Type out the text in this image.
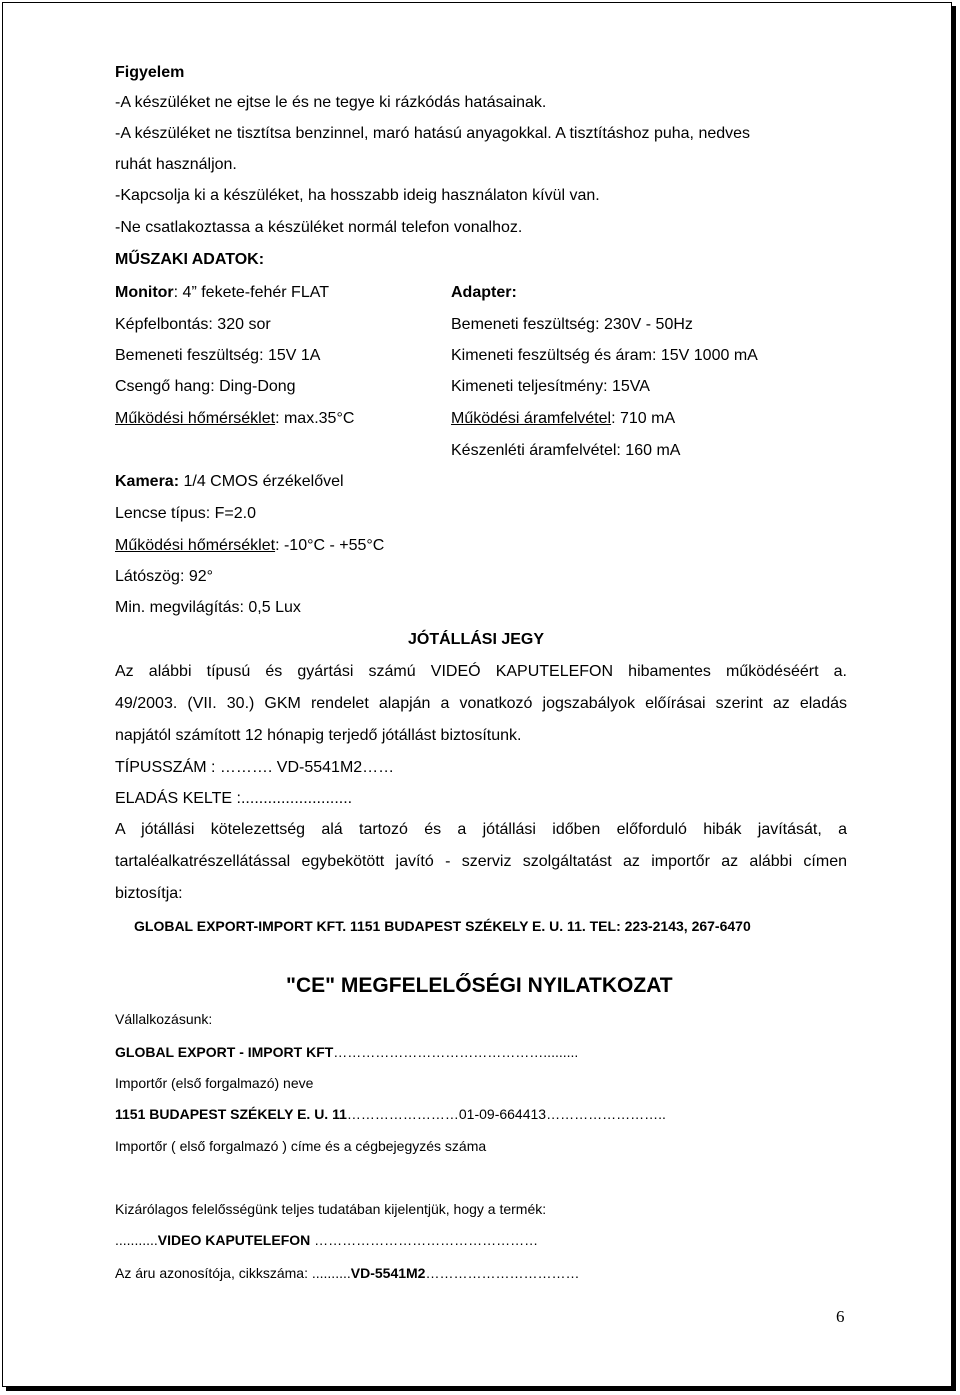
Figyelem
-A készüléket ne ejtse le és ne tegye ki rázkódás hatásainak.
-A készüléket ne tisztítsa benzinnel, maró hatású anyagokkal. A tisztításhoz puha, nedves
ruhát használjon.
-Kapcsolja ki a készüléket, ha hosszabb ideig használaton kívül van.
-Ne csatlakoztassa a készüléket normál telefon vonalhoz.
MŰSZAKI ADATOK:
Monitor: 4” fekete-fehér FLAT
Képfelbontás: 320 sor
Bemeneti feszültség: 15V 1A
Csengő hang: Ding-Dong
Működési hőmérséklet: max.35°C
Adapter:
Bemeneti feszültség: 230V - 50Hz
Kimeneti feszültség és áram: 15V 1000 mA
Kimeneti teljesítmény: 15VA
Működési áramfelvétel: 710 mA
Készenléti áramfelvétel: 160 mA
Kamera: 1/4 CMOS érzékelővel
Lencse típus: F=2.0
Működési hőmérséklet: -10°C - +55°C
Látószög: 92°
Min. megvilágítás: 0,5 Lux
JÓTÁLLÁSI JEGY
Az alábbi típusú és gyártási számú VIDEÓ KAPUTELEFON hibamentes működéséért a.
49/2003. (VII. 30.) GKM rendelet alapján a vonatkozó jogszabályok előírásai szerint az eladás
napjától számított 12 hónapig terjedő jótállást biztosítunk.
TÍPUSSZÁM : ………. VD-5541M2……
ELADÁS KELTE :.........................
A jótállási kötelezettség alá tartozó és a jótállási időben előforduló hibák javítását, a
tartaléalkatrészellátással egybekötött javító - szerviz szolgáltatást az importőr az alábbi címen
biztosítja:
GLOBAL EXPORT-IMPORT KFT. 1151 BUDAPEST SZÉKELY E. U. 11. TEL: 223-2143, 267-6470
"CE" MEGFELELŐSÉGI NYILATKOZAT
Vállalkozásunk:
GLOBAL EXPORT - IMPORT KFT……………………………………….........
Importőr (első forgalmazó) neve
1151 BUDAPEST SZÉKELY E. U. 11……………………01-09-664413……………………..
Importőr ( első forgalmazó ) címe és a cégbejegyzés száma
Kizárólagos felelősségünk teljes tudatában kijelentjük, hogy a termék:
...........VIDEO KAPUTELEFON …………………………………………
Az áru azonosítója, cikkszáma: ..........VD-5541M2……………………………
6
